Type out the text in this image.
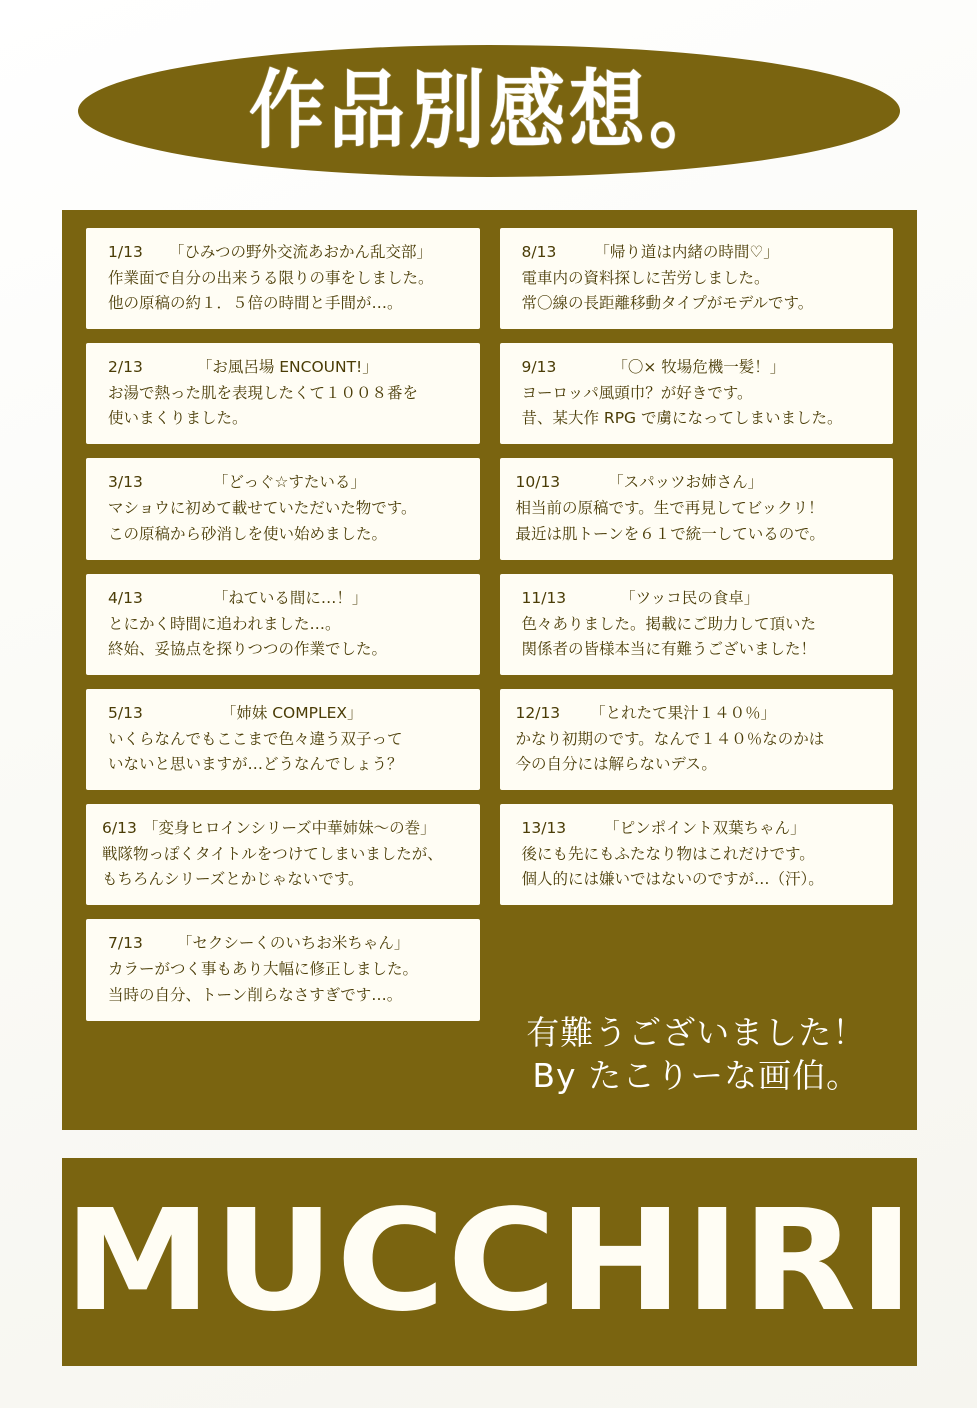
作品別感想。
1/13 「ひみつの野外交流あおかん乱交部」
作業面で自分の出来うる限りの事をしました。
他の原稿の約１．５倍の時間と手間が…。
2/13	「お風呂場 ENCOUNT!」
お湯で熱った肌を表現したくて１００８番を
使いまくりました。
3/13	「どっぐ☆すたいる」
マショウに初めて載せていただいた物です。
この原稿から砂消しを使い始めました。
4/13	「ねている間に…！」
とにかく時間に追われました…。
終始、妥協点を探りつつの作業でした。
5/13	「姉妹 COMPLEX」
いくらなんでもここまで色々違う双子って
いないと思いますが…どうなんでしょう？
6/13 「変身ヒロインシリーズ中華姉妹～の巻」
戦隊物っぽくタイトルをつけてしまいましたが、
もちろんシリーズとかじゃないです。
7/13 「セクシーくのいちお米ちゃん」
カラーがつく事もあり大幅に修正しました。
当時の自分、トーン削らなさすぎです…。
8/13 「帰り道は内緒の時間♡」
電車内の資料探しに苦労しました。
常〇線の長距離移動タイプがモデルです。
9/13	「〇× 牧場危機一髪！」
ヨーロッパ風頭巾？が好きです。
昔、某大作 RPG で虜になってしまいました。
10/13	「スパッツお姉さん」
相当前の原稿です。生で再見してビックリ！
最近は肌トーンを６１で統一しているので。
11/13	「ツッコ民の食卓」
色々ありました。掲載にご助力して頂いた
関係者の皆様本当に有難うございました！
12/13 「とれたて果汁１４０％」
かなり初期のです。なんで１４０％なのかは
今の自分には解らないデス。
13/13 「ピンポイント双葉ちゃん」
後にも先にもふたなり物はこれだけです。
個人的には嫌いではないのですが…（汗）。
有難うございました！
By たこりーな画伯。
MUCCHIRI
